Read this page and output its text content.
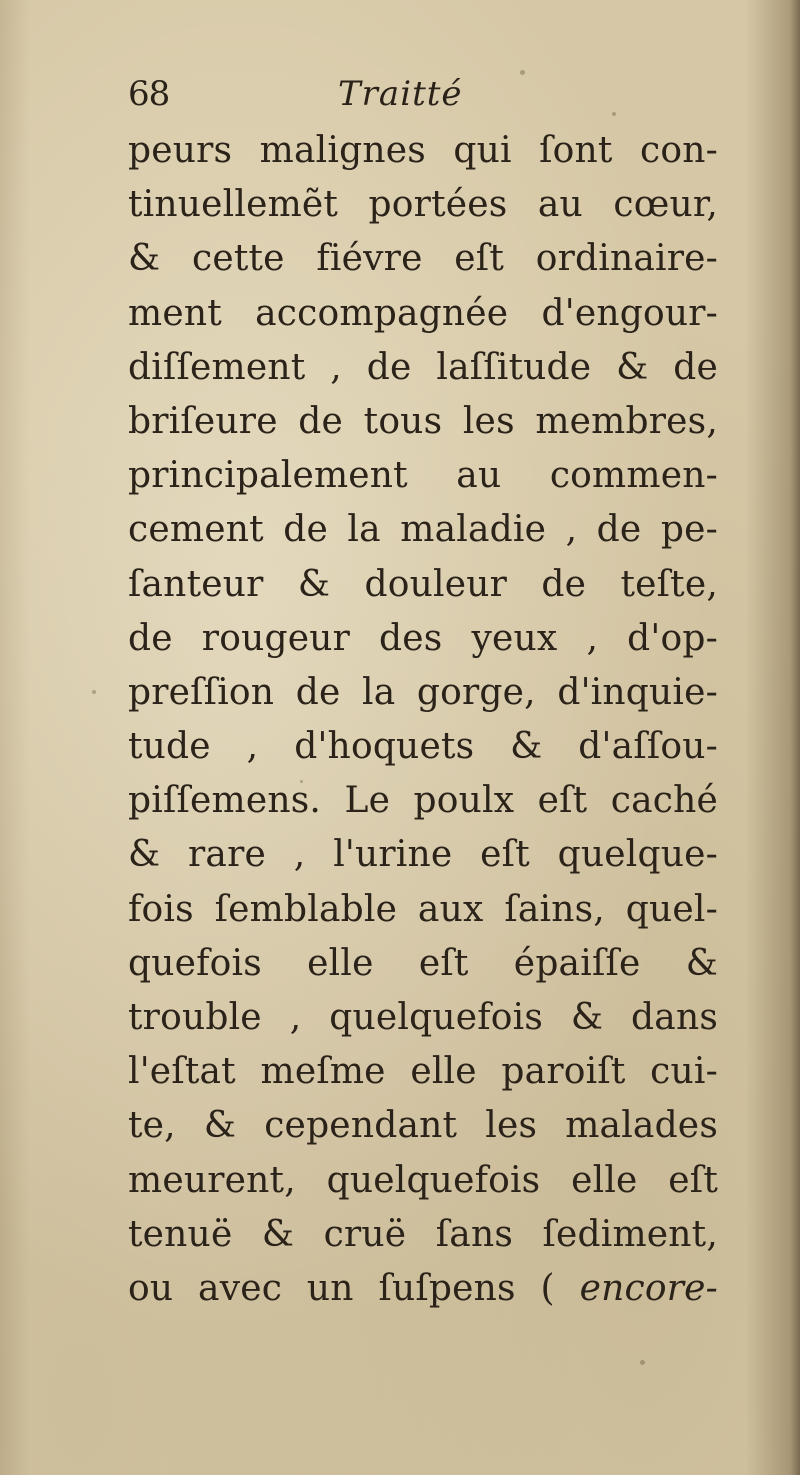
68	Traitté
peurs malignes qui ſont con-
tinuellemẽt portées au cœur,
& cette fiévre eſt ordinaire-
ment accompagnée d'engour-
diſſement , de laſſitude & de
briſeure de tous les membres,
principalement au commen-
cement de la maladie , de pe-
ſanteur & douleur de teſte,
de rougeur des yeux , d'op-
preſſion de la gorge, d'inquie-
tude , d'hoquets & d'aſſou-
piſſemens. Le poulx eſt caché
& rare , l'urine eſt quelque-
fois ſemblable aux ſains, quel-
quefois elle eſt épaiſſe &
trouble , quelquefois & dans
l'eſtat meſme elle paroiſt cui-
te, & cependant les malades
meurent, quelquefois elle eſt
tenuë & cruë ſans ſediment,
ou avec un ſuſpens ( encore-
